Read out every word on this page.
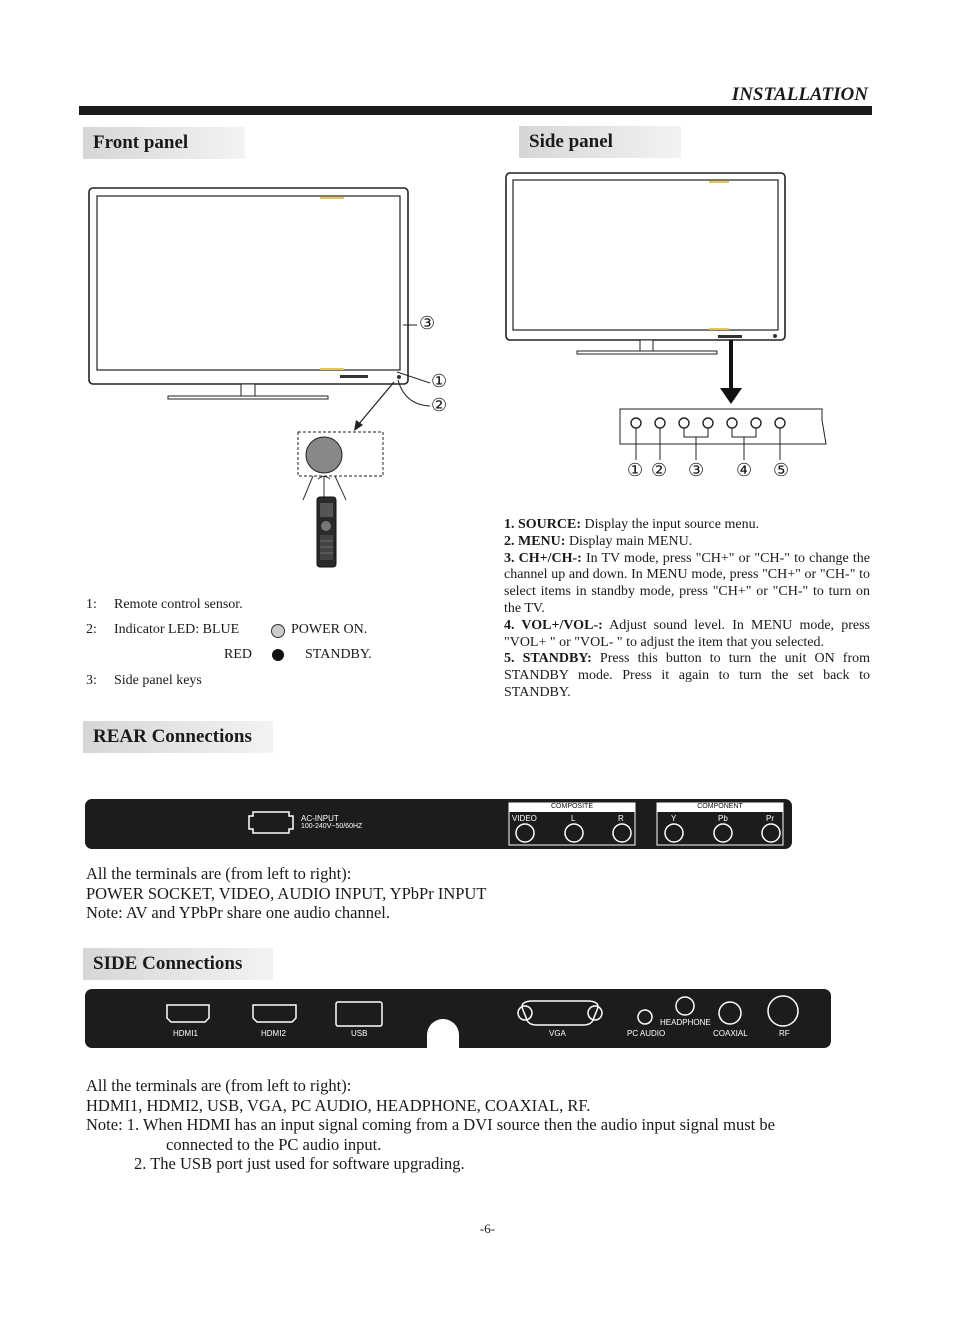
INSTALLATION
Front panel
③
①
②
1: Remote control sensor.
2: Indicator LED: BLUE	POWER ON.
RED	STANDBY.
3: Side panel keys
Side panel
① ② ③ ④ ⑤

1. SOURCE: Display the input source menu.

2. MENU: Display main MENU.

3. CH+/CH-: In TV mode, press "CH+" or "CH-" to change the channel up and down. In MENU mode, press "CH+" or "CH-" to select items in standby mode, press "CH+" or "CH-" to turn on the TV.

4. VOL+/VOL-: Adjust sound level. In MENU mode, press "VOL+ " or "VOL- " to adjust the item that you selected.

5. STANDBY: Press this button to turn the unit ON from STANDBY mode. Press it again to turn the set back to STANDBY.

REAR Connections
AC-INPUT
100-240V~50/60HZ
COMPOSITE
VIDEO	L	R
COMPONENT
Y	Pb	Pr
All the terminals are (from left to right):
POWER SOCKET, VIDEO, AUDIO INPUT, YPbPr INPUT
Note: AV and YPbPr share one audio channel.
SIDE Connections
HDMI1	HDMI2	USB	VGA	PC AUDIO
HEADPHONE
COAXIAL	RF
All the terminals are (from left to right):
HDMI1, HDMI2, USB, VGA, PC AUDIO, HEADPHONE, COAXIAL, RF.
Note: 1. When HDMI has an input signal coming from a DVI source then the audio input signal must be
connected to the PC audio input.
2. The USB port just used for software upgrading.
-6-
